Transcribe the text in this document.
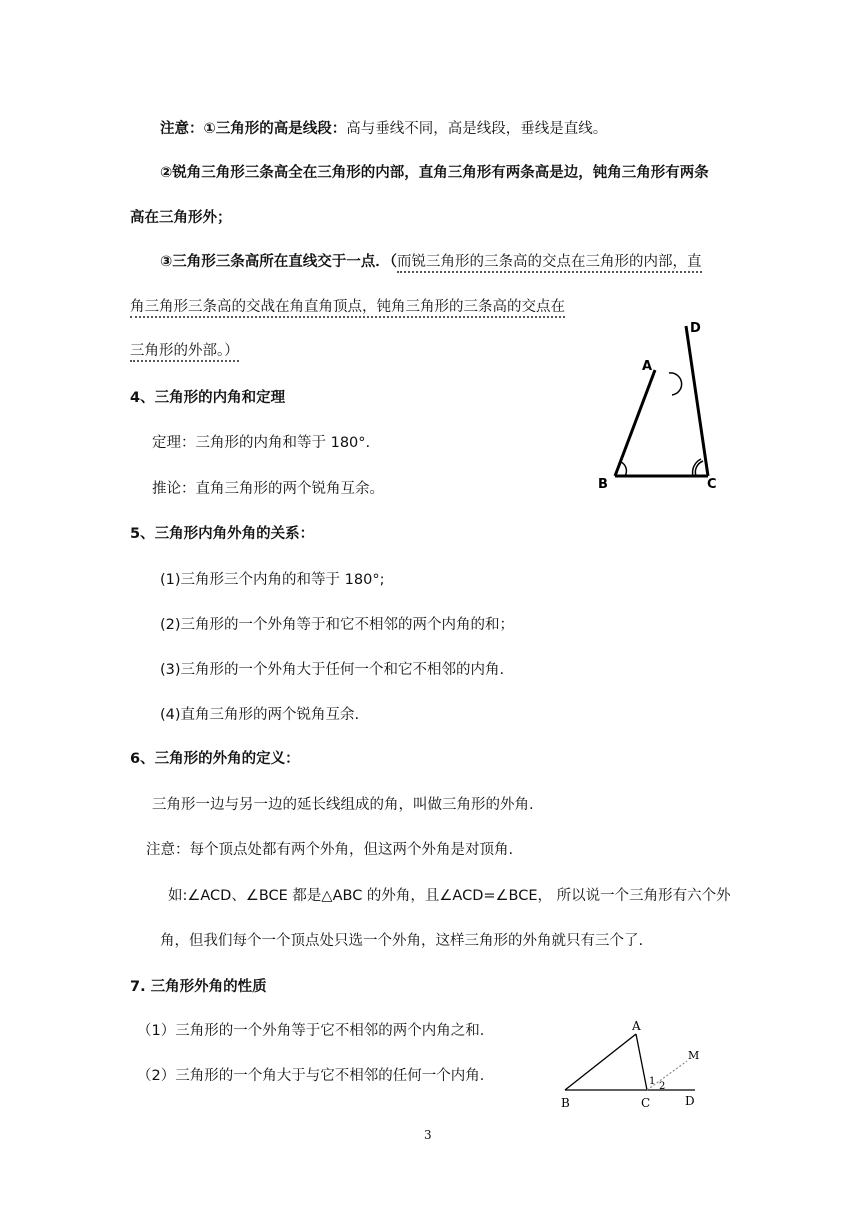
注意：①三角形的高是线段：高与垂线不同，高是线段，垂线是直线。
②锐角三角形三条高全在三角形的内部，直角三角形有两条高是边，钝角三角形有两条
高在三角形外；
③三角形三条高所在直线交于一点．（而锐三角形的三条高的交点在三角形的内部，直
角三角形三条高的交战在角直角顶点，钝角三角形的三条高的交点在
三角形的外部。）
4、三角形的内角和定理
定理：三角形的内角和等于 180°.
推论：直角三角形的两个锐角互余。
A
B	C
D
5、三角形内角外角的关系：
(1)三角形三个内角的和等于 180°;
(2)三角形的一个外角等于和它不相邻的两个内角的和；
(3)三角形的一个外角大于任何一个和它不相邻的内角.
(4)直角三角形的两个锐角互余.
6、三角形的外角的定义：
三角形一边与另一边的延长线组成的角，叫做三角形的外角.
注意：每个顶点处都有两个外角，但这两个外角是对顶角.
如:∠ACD、∠BCE 都是△ABC 的外角，且∠ACD=∠BCE， 所以说一个三角形有六个外
角，但我们每个一个顶点处只选一个外角，这样三角形的外角就只有三个了.
7. 三角形外角的性质
（1）三角形的一个外角等于它不相邻的两个内角之和．
（2）三角形的一个角大于与它不相邻的任何一个内角．
A
B	C	D
M
1 2
3
